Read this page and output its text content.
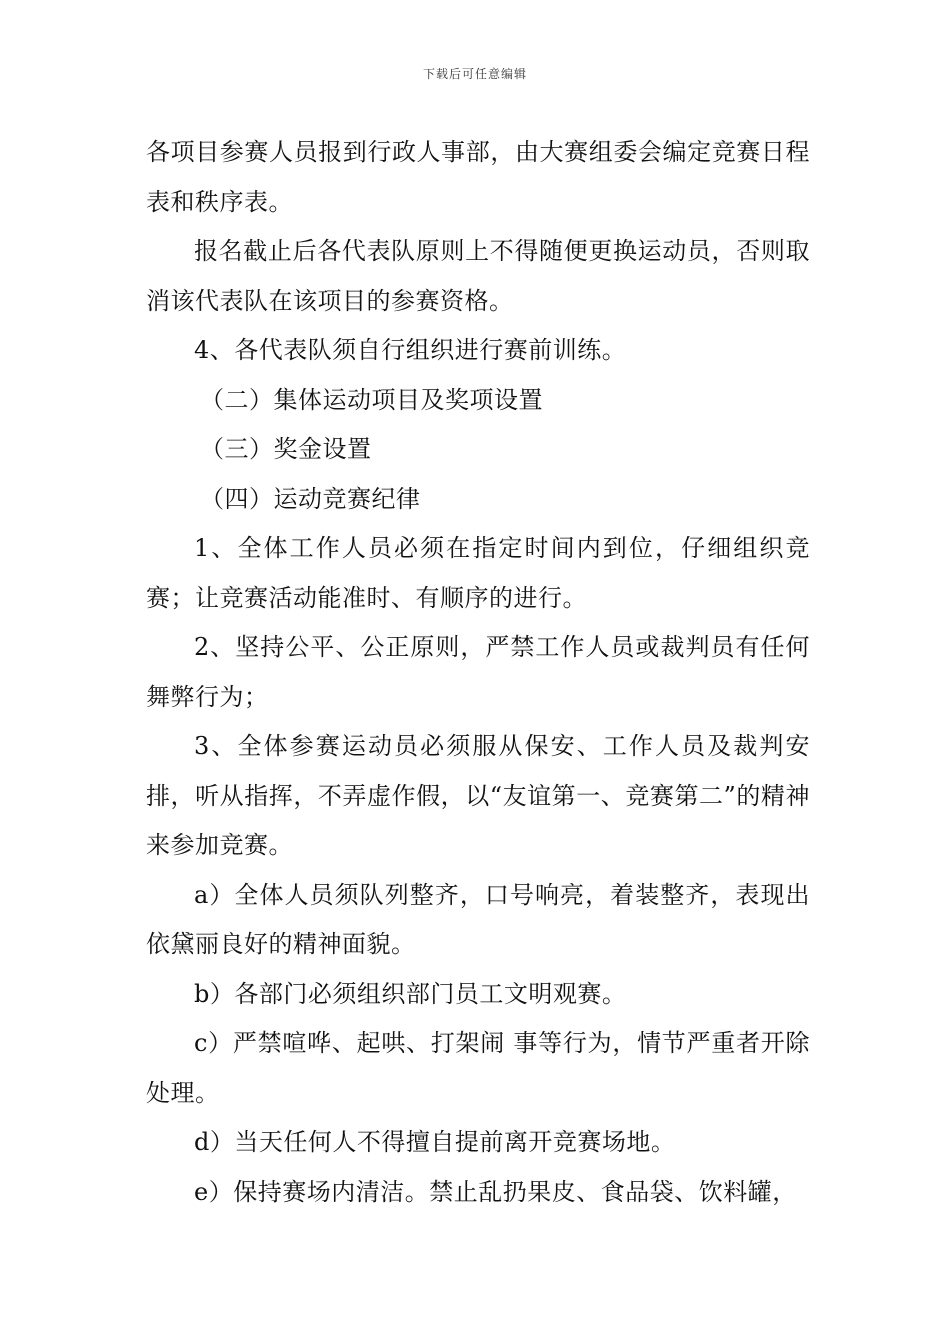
下载后可任意编辑

各项目参赛人员报到行政人事部，由大赛组委会编定竞赛日程表和秩序表。

报名截止后各代表队原则上不得随便更换运动员，否则取消该代表队在该项目的参赛资格。

4、各代表队须自行组织进行赛前训练。

（二）集体运动项目及奖项设置

（三）奖金设置

（四）运动竞赛纪律

1、全体工作人员必须在指定时间内到位，仔细组织竞赛；让竞赛活动能准时、有顺序的进行。

2、坚持公平、公正原则，严禁工作人员或裁判员有任何舞弊行为；

3、全体参赛运动员必须服从保安、工作人员及裁判安排，听从指挥，不弄虚作假，以“友谊第一、竞赛第二”的精神来参加竞赛。

a）全体人员须队列整齐，口号响亮，着装整齐，表现出依黛丽良好的精神面貌。

b）各部门必须组织部门员工文明观赛。

c）严禁喧哗、起哄、打架闹 事等行为，情节严重者开除处理。

d）当天任何人不得擅自提前离开竞赛场地。

e）保持赛场内清洁。禁止乱扔果皮、食品袋、饮料罐，
